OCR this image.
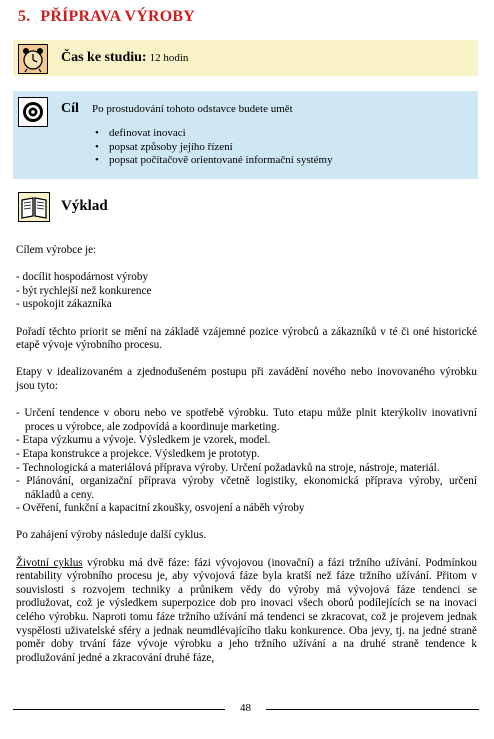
5. PŘÍPRAVA VÝROBY
Čas ke studiu: 12 hodin
Cíl Po prostudování tohoto odstavce budete umět
• definovat inovaci
• popsat způsoby jejího řízení
• popsat počítačově orientované informační systémy
Výklad

Cílem výrobce je:

- docílit hospodárnost výroby

- být rychlejší než konkurence

- uspokojit zákazníka

Pořadí těchto priorit se mění na základě vzájemné pozice výrobců a zákazníků v té či oné historické etapě vývoje výrobního procesu.

Etapy v idealizovaném a zjednodušeném postupu při zavádění nového nebo inovovaného výrobku jsou tyto:

- Určení tendence v oboru nebo ve spotřebě výrobku. Tuto etapu může plnit kterýkoliv inovativní proces u výrobce, ale zodpovídá a koordinuje marketing.

- Etapa výzkumu a vývoje. Výsledkem je vzorek, model.

- Etapa konstrukce a projekce. Výsledkem je prototyp.

- Technologická a materiálová příprava výroby. Určení požadavků na stroje, nástroje, materiál.

- Plánování, organizační příprava výroby včetně logistiky, ekonomická příprava výroby, určení nákladů a ceny.

- Ověření, funkční a kapacitní zkoušky, osvojení a náběh výroby

Po zahájení výroby následuje další cyklus.

Životní cyklus výrobku má dvě fáze: fázi vývojovou (inovační) a fázi tržního užívání. Podmínkou rentability výrobního procesu je, aby vývojová fáze byla kratší než fáze tržního užívání. Přitom v souvislosti s rozvojem techniky a průnikem vědy do výroby má vývojová fáze tendenci se prodlužovat, což je výsledkem superpozice dob pro inovaci všech oborů podílejících se na inovaci celého výrobku. Naproti tomu fáze tržního užívání má tendenci se zkracovat, což je projevem jednak vyspělosti uživatelské sféry a jednak neumdlévajícího tlaku konkurence. Oba jevy, tj. na jedné straně poměr doby trvání fáze vývoje výrobku a jeho tržního užívání a na druhé straně tendence k prodlužování jedné a zkracování druhé fáze,

48
